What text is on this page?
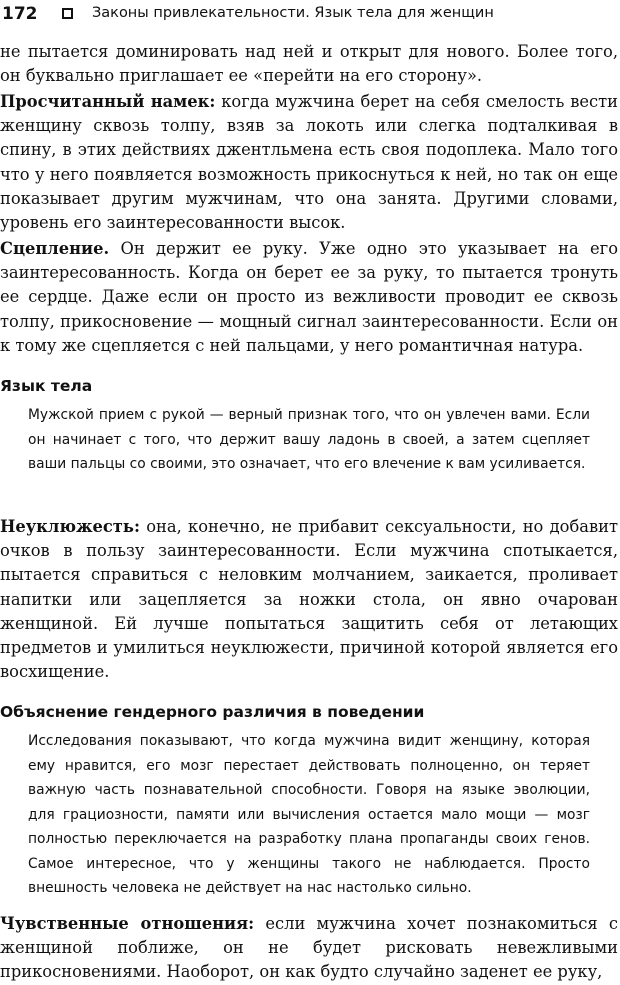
172	Законы привлекательности. Язык тела для женщин

не пытается доминировать над ней и открыт для нового. Более того, он буквально приглашает ее «перейти на его сторону».

Просчитанный намек: когда мужчина берет на себя смелость вести женщину сквозь толпу, взяв за локоть или слегка подталкивая в спину, в этих действиях джентльмена есть своя подоплека. Мало того что у него появляется возможность прикоснуться к ней, но так он еще показывает другим мужчинам, что она занята. Другими словами, уровень его заинтересованности высок.

Сцепление. Он держит ее руку. Уже одно это указывает на его заинтересованность. Когда он берет ее за руку, то пытается тронуть ее сердце. Даже если он просто из вежливости проводит ее сквозь толпу, прикосновение — мощный сигнал заинтересованности. Если он к тому же сцепляется с ней пальцами, у него романтичная натура.

Язык тела

Мужской прием с рукой — верный признак того, что он увлечен вами. Если он начинает с того, что держит вашу ладонь в своей, а затем сцепляет ваши пальцы со своими, это означает, что его влечение к вам усиливается.

Неуклюжесть: она, конечно, не прибавит сексуальности, но добавит очков в пользу заинтересованности. Если мужчина спотыкается, пытается справиться с неловким молчанием, заикается, проливает напитки или зацепляется за ножки стола, он явно очарован женщиной. Ей лучше попытаться защитить себя от летающих предметов и умилиться неуклюжести, причиной которой является его восхищение.

Объяснение гендерного различия в поведении

Исследования показывают, что когда мужчина видит женщину, которая ему нравится, его мозг перестает действовать полноценно, он теряет важную часть познавательной способности. Говоря на языке эволюции, для грациозности, памяти или вычисления остается мало мощи — мозг полностью переключается на разработку плана пропаганды своих генов. Самое интересное, что у женщины такого не наблюдается. Просто внешность человека не действует на нас настолько сильно.

Чувственные отношения: если мужчина хочет познакомиться с женщиной поближе, он не будет рисковать невежливыми прикосновениями. Наоборот, он как будто случайно заденет ее руку,
